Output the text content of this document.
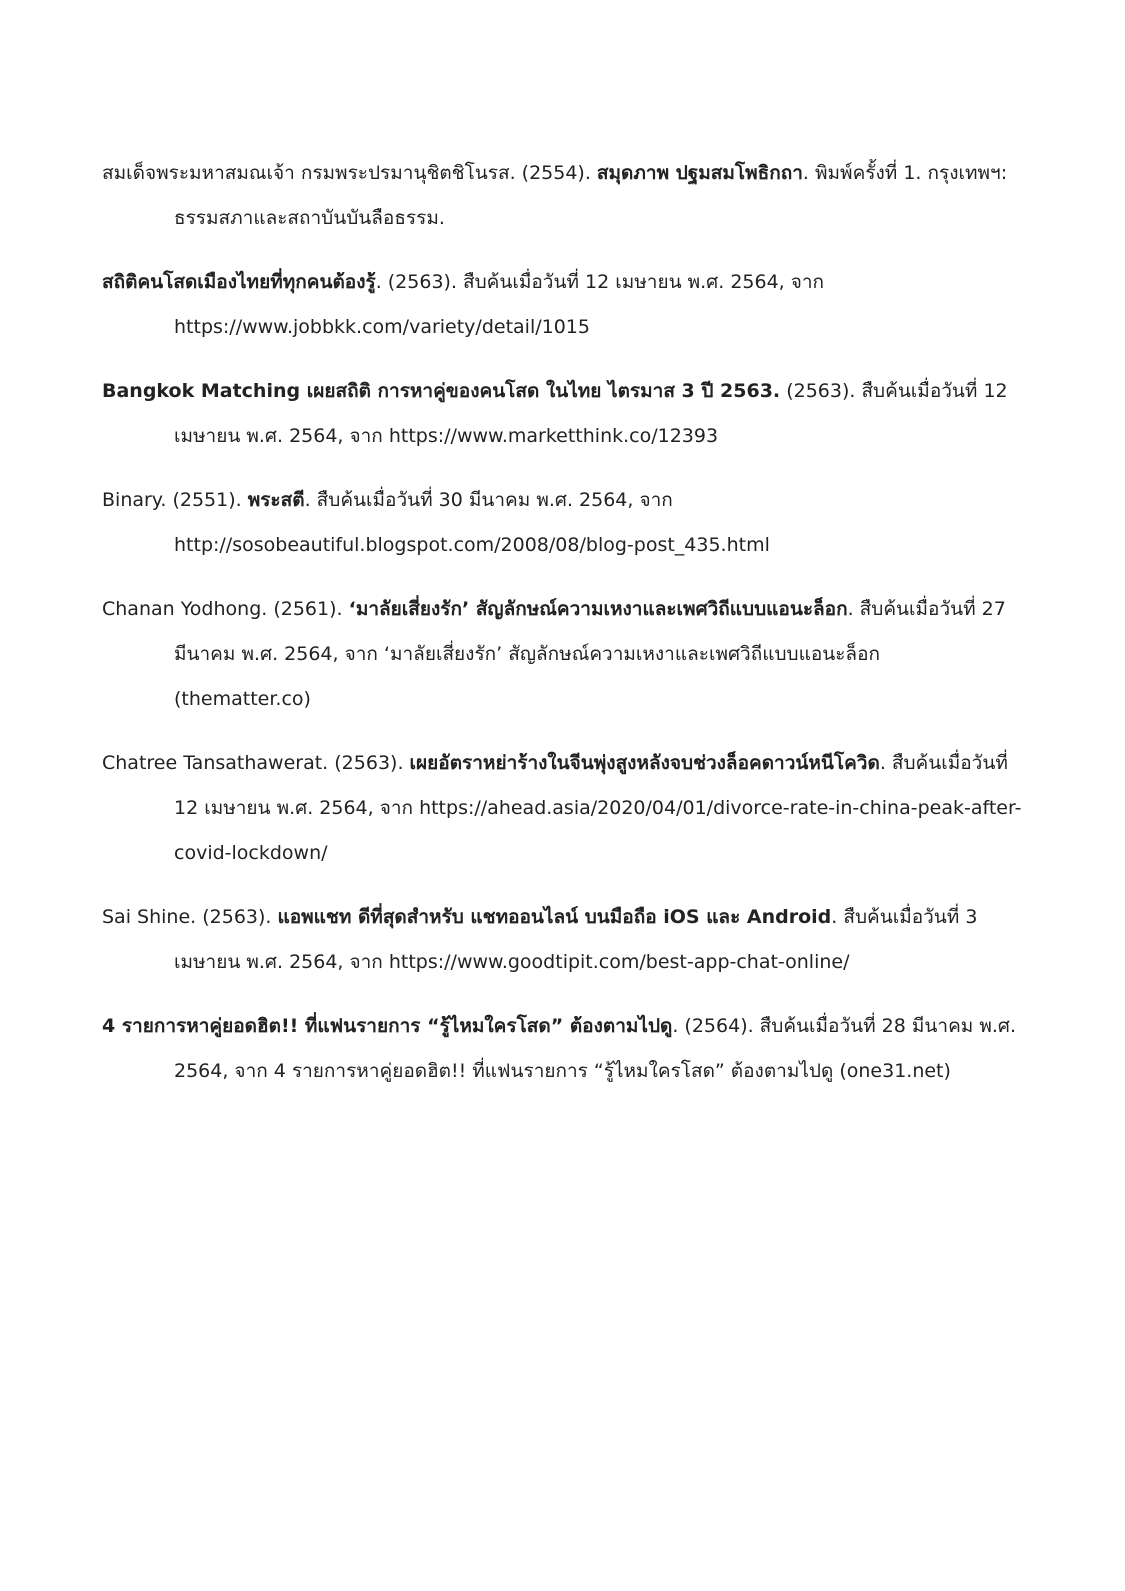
สมเด็จพระมหาสมณเจ้า กรมพระปรมานุชิตชิโนรส. (2554). สมุดภาพ ปฐมสมโพธิกถา. พิมพ์ครั้งที่ 1. กรุงเทพฯ: ธรรมสภาและสถาบันบันลือธรรม.

สถิติคนโสดเมืองไทยที่ทุกคนต้องรู้. (2563). สืบค้นเมื่อวันที่ 12 เมษายน พ.ศ. 2564, จาก https://www.jobbkk.com/variety/detail/1015

Bangkok Matching เผยสถิติ การหาคู่ของคนโสด ในไทย ไตรมาส 3 ปี 2563. (2563). สืบค้นเมื่อวันที่ 12 เมษายน พ.ศ. 2564, จาก https://www.marketthink.co/12393

Binary. (2551). พระสตี. สืบค้นเมื่อวันที่ 30 มีนาคม พ.ศ. 2564, จาก http://sosobeautiful.blogspot.com/2008/08/blog-post_435.html

Chanan Yodhong. (2561). ‘มาลัยเสี่ยงรัก’ สัญลักษณ์ความเหงาและเพศวิถีแบบแอนะล็อก. สืบค้นเมื่อวันที่ 27 มีนาคม พ.ศ. 2564, จาก ‘มาลัยเสี่ยงรัก’ สัญลักษณ์ความเหงาและเพศวิถีแบบแอนะล็อก (thematter.co)

Chatree Tansathawerat. (2563). เผยอัตราหย่าร้างในจีนพุ่งสูงหลังจบช่วงล็อคดาวน์หนีโควิด. สืบค้นเมื่อวันที่ 12 เมษายน พ.ศ. 2564, จาก https://ahead.asia/2020/04/01/divorce-rate-in-china-peak-after-covid-lockdown/

Sai Shine. (2563). แอพแชท ดีที่สุดสำหรับ แชทออนไลน์ บนมือถือ iOS และ Android. สืบค้นเมื่อวันที่ 3 เมษายน พ.ศ. 2564, จาก https://www.goodtipit.com/best-app-chat-online/

4 รายการหาคู่ยอดฮิต!! ที่แฟนรายการ “รู้ไหมใครโสด” ต้องตามไปดู. (2564). สืบค้นเมื่อวันที่ 28 มีนาคม พ.ศ. 2564, จาก 4 รายการหาคู่ยอดฮิต!! ที่แฟนรายการ “รู้ไหมใครโสด” ต้องตามไปดู (one31.net)
